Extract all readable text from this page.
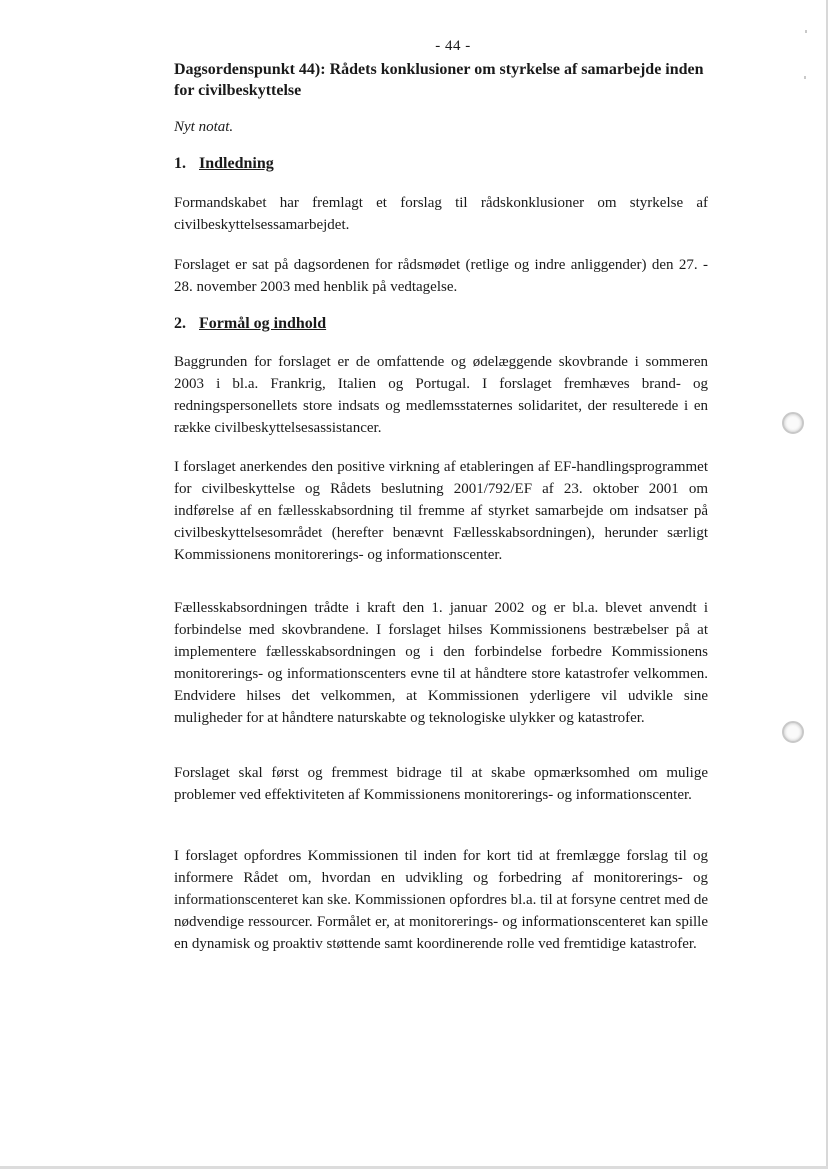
- 44 -
Dagsordenspunkt 44): Rådets konklusioner om styrkelse af samarbejde inden for civilbeskyttelse
Nyt notat.
1. Indledning
Formandskabet har fremlagt et forslag til rådskonklusioner om styrkelse af civilbeskyttelsessamarbejdet.
Forslaget er sat på dagsordenen for rådsmødet (retlige og indre anliggender) den 27. - 28. november 2003 med henblik på vedtagelse.
2. Formål og indhold
Baggrunden for forslaget er de omfattende og ødelæggende skovbrande i sommeren 2003 i bl.a. Frankrig, Italien og Portugal. I forslaget fremhæves brand- og redningspersonellets store indsats og medlemsstaternes solidaritet, der resulterede i en række civilbeskyttelsesassistancer.
I forslaget anerkendes den positive virkning af etableringen af EF-handlingsprogrammet for civilbeskyttelse og Rådets beslutning 2001/792/EF af 23. oktober 2001 om indførelse af en fællesskabsordning til fremme af styrket samarbejde om indsatser på civilbeskyttelsesområdet (herefter benævnt Fællesskabsordningen), herunder særligt Kommissionens monitorerings- og informationscenter.
Fællesskabsordningen trådte i kraft den 1. januar 2002 og er bl.a. blevet anvendt i forbindelse med skovbrandene. I forslaget hilses Kommissionens bestræbelser på at implementere fællesskabsordningen og i den forbindelse forbedre Kommissionens monitorerings- og informationscenters evne til at håndtere store katastrofer velkommen. Endvidere hilses det velkommen, at Kommissionen yderligere vil udvikle sine muligheder for at håndtere naturskabte og teknologiske ulykker og katastrofer.
Forslaget skal først og fremmest bidrage til at skabe opmærksomhed om mulige problemer ved effektiviteten af Kommissionens monitorerings- og informationscenter.
I forslaget opfordres Kommissionen til inden for kort tid at fremlægge forslag til og informere Rådet om, hvordan en udvikling og forbedring af monitorerings- og informationscenteret kan ske. Kommissionen opfordres bl.a. til at forsyne centret med de nødvendige ressourcer. Formålet er, at monitorerings- og informationscenteret kan spille en dynamisk og proaktiv støttende samt koordinerende rolle ved fremtidige katastrofer.
